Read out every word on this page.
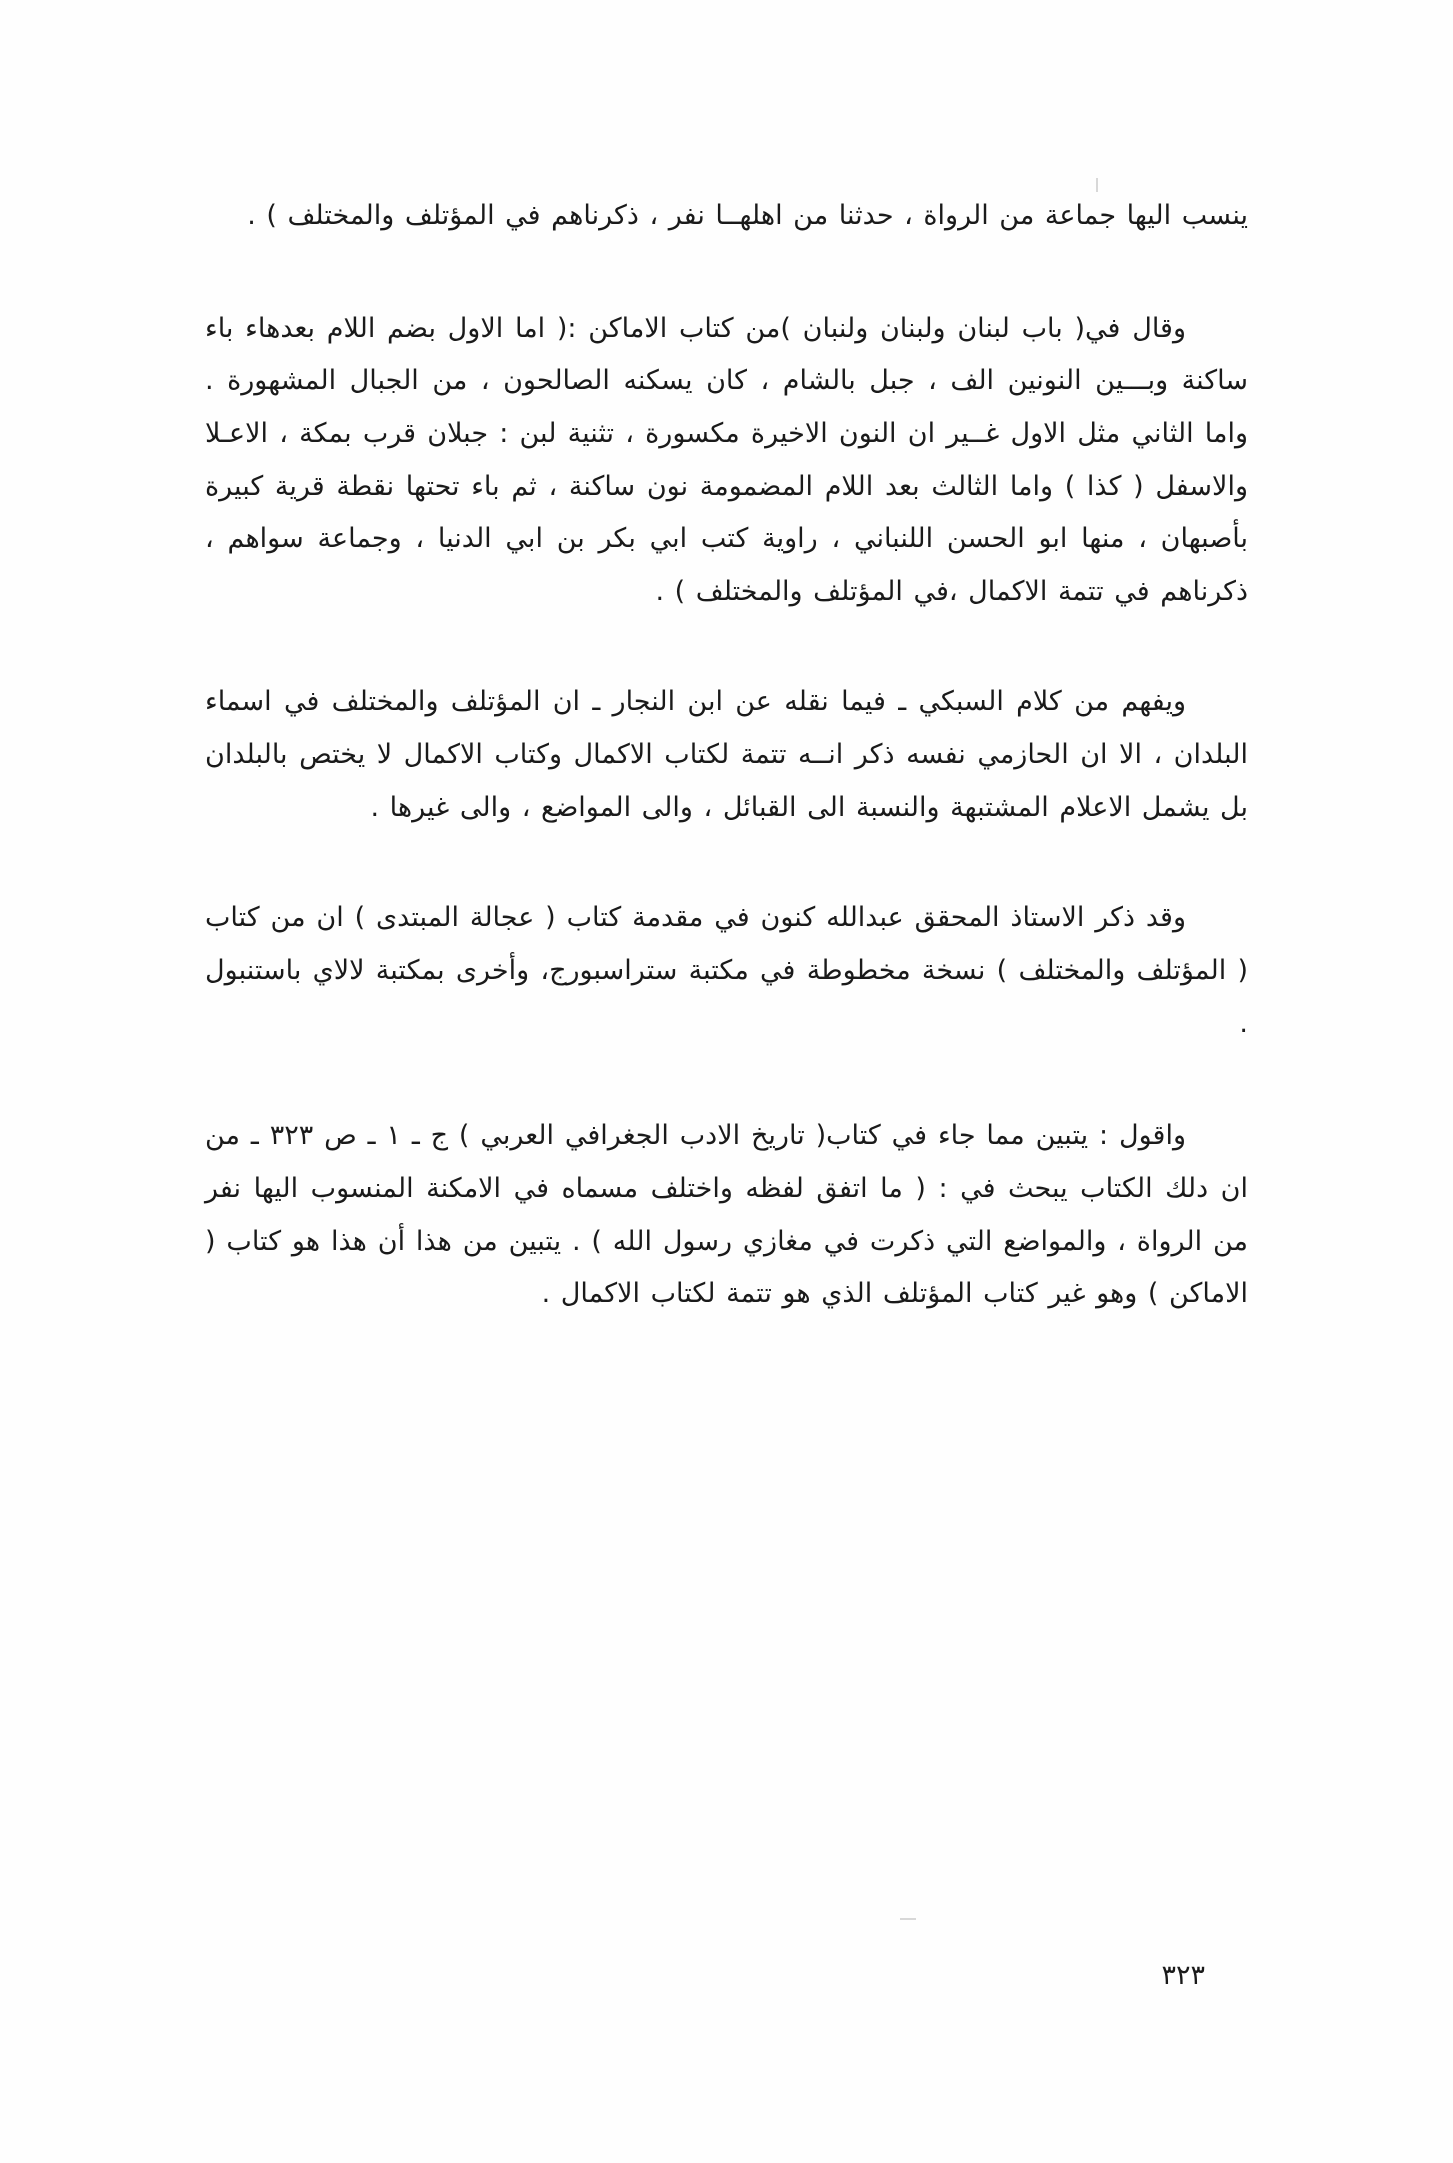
ينسب اليها جماعة من الرواة ، حدثنا من اهلهــا نفر ، ذكرناهم في المؤتلف والمختلف ) .

وقال في( باب لبنان ولبنان ولنبان )من كتاب الاماكن :( اما الاول بضم اللام بعدهاء باء ساكنة وبـــين النونين الف ، جبل بالشام ، كان يسكنه الصالحون ، من الجبال المشهورة . واما الثاني مثل الاول غــير ان النون الاخيرة مكسورة ، تثنية لبن : جبلان قرب بمكة ، الاعـلا والاسفل ( كذا ) واما الثالث بعد اللام المضمومة نون ساكنة ، ثم باء تحتها نقطة قرية كبيرة بأصبهان ، منها ابو الحسن اللنباني ، راوية كتب ابي بكر بن ابي الدنيا ، وجماعة سواهم ، ذكرناهم في تتمة الاكمال ،في المؤتلف والمختلف ) .

ويفهم من كلام السبكي ـ فيما نقله عن ابن النجار ـ ان المؤتلف والمختلف في اسماء البلدان ، الا ان الحازمي نفسه ذكر انــه تتمة لكتاب الاكمال وكتاب الاكمال لا يختص بالبلدان بل يشمل الاعلام المشتبهة والنسبة الى القبائل ، والى المواضع ، والى غيرها .

وقد ذكر الاستاذ المحقق عبدالله كنون في مقدمة كتاب ( عجالة المبتدى ) ان من كتاب ( المؤتلف والمختلف ) نسخة مخطوطة في مكتبة ستراسبورج، وأخرى بمكتبة لالاي باستنبول .

واقول : يتبين مما جاء في كتاب( تاريخ الادب الجغرافي العربي ) ج ـ ١ ـ ص ٣٢٣ ـ من ان دلك الكتاب يبحث في : ( ما اتفق لفظه واختلف مسماه في الامكنة المنسوب اليها نفر من الرواة ، والمواضع التي ذكرت في مغازي رسول الله ) . يتبين من هذا أن هذا هو كتاب ( الاماكن ) وهو غير كتاب المؤتلف الذي هو تتمة لكتاب الاكمال .

٣٢٣
